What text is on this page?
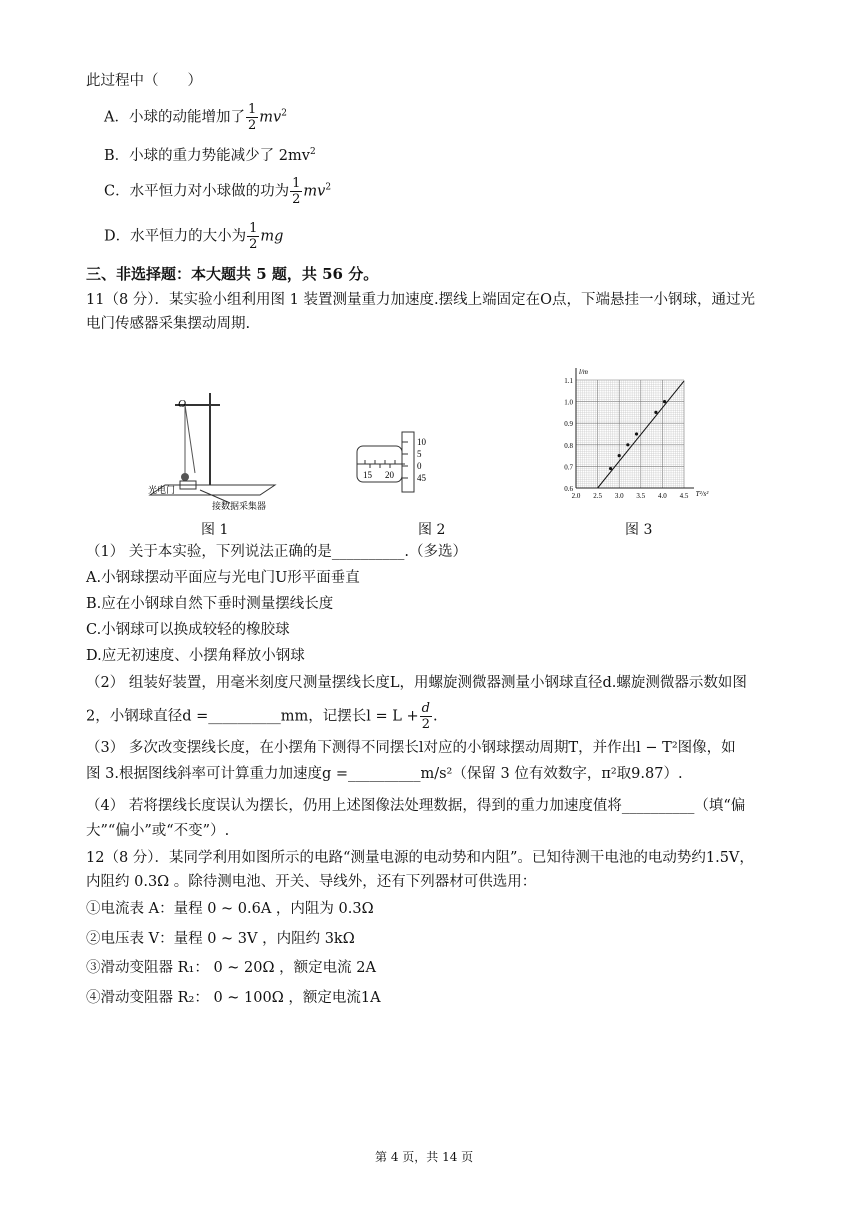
此过程中（　　）
A．小球的动能增加了 $\frac{1}{2} mv^2$
B．小球的重力势能减少了 $2mv^2$
C．水平恒力对小球做的功为 $\frac{1}{2} mv^2$
D．水平恒力的大小为 $\frac{1}{2}$ mg
三、非选择题：本大题共 5 题，共 56 分。
11（8 分）．某实验小组利用图 1 装置测量重力加速度.摆线上端固定在O点，下端悬挂一小钢球，通过光
电门传感器采集摆动周期.
O
光电门
接数据采集器
10
5
0
45
15 20
1.1
1.0
0.9
0.8
0.7
0.6
2.0 2.5 3.0 3.5 4.0 4.5
l/m
T²/s²
图 1	图 2	图 3
（1） 关于本实验，下列说法正确的是__________.（多选）
A.小钢球摆动平面应与光电门U形平面垂直
B.应在小钢球自然下垂时测量摆线长度
C.小钢球可以换成较轻的橡胶球
D.应无初速度、小摆角释放小钢球
（2） 组装好装置，用毫米刻度尺测量摆线长度L，用螺旋测微器测量小钢球直径d.螺旋测微器示数如图
2，小钢球直径d =__________mm，记摆长$l = L + \frac{d}{2}$ .
（3） 多次改变摆线长度，在小摆角下测得不同摆长l对应的小钢球摆动周期T，并作出l − T²图像，如
图 3.根据图线斜率可计算重力加速度g =__________m/s²（保留 3 位有效数字，π²取9.87）.
（4） 若将摆线长度误认为摆长，仍用上述图像法处理数据，得到的重力加速度值将__________（填“偏
大”“偏小”或“不变”）.
12（8 分）．某同学利用如图所示的电路“测量电源的电动势和内阻”。已知待测干电池的电动势约1.5V，
内阻约 0.3Ω 。除待测电池、开关、导线外，还有下列器材可供选用：
①电流表 A：量程 0 ~ 0.6A ，内阻为 0.3Ω
②电压表 V：量程 0 ~ 3V ，内阻约 3kΩ
③滑动变阻器 R₁： 0 ~ 20Ω ，额定电流 2A
④滑动变阻器 R₂： 0 ~ 100Ω ，额定电流1A
第 4 页，共 14 页
